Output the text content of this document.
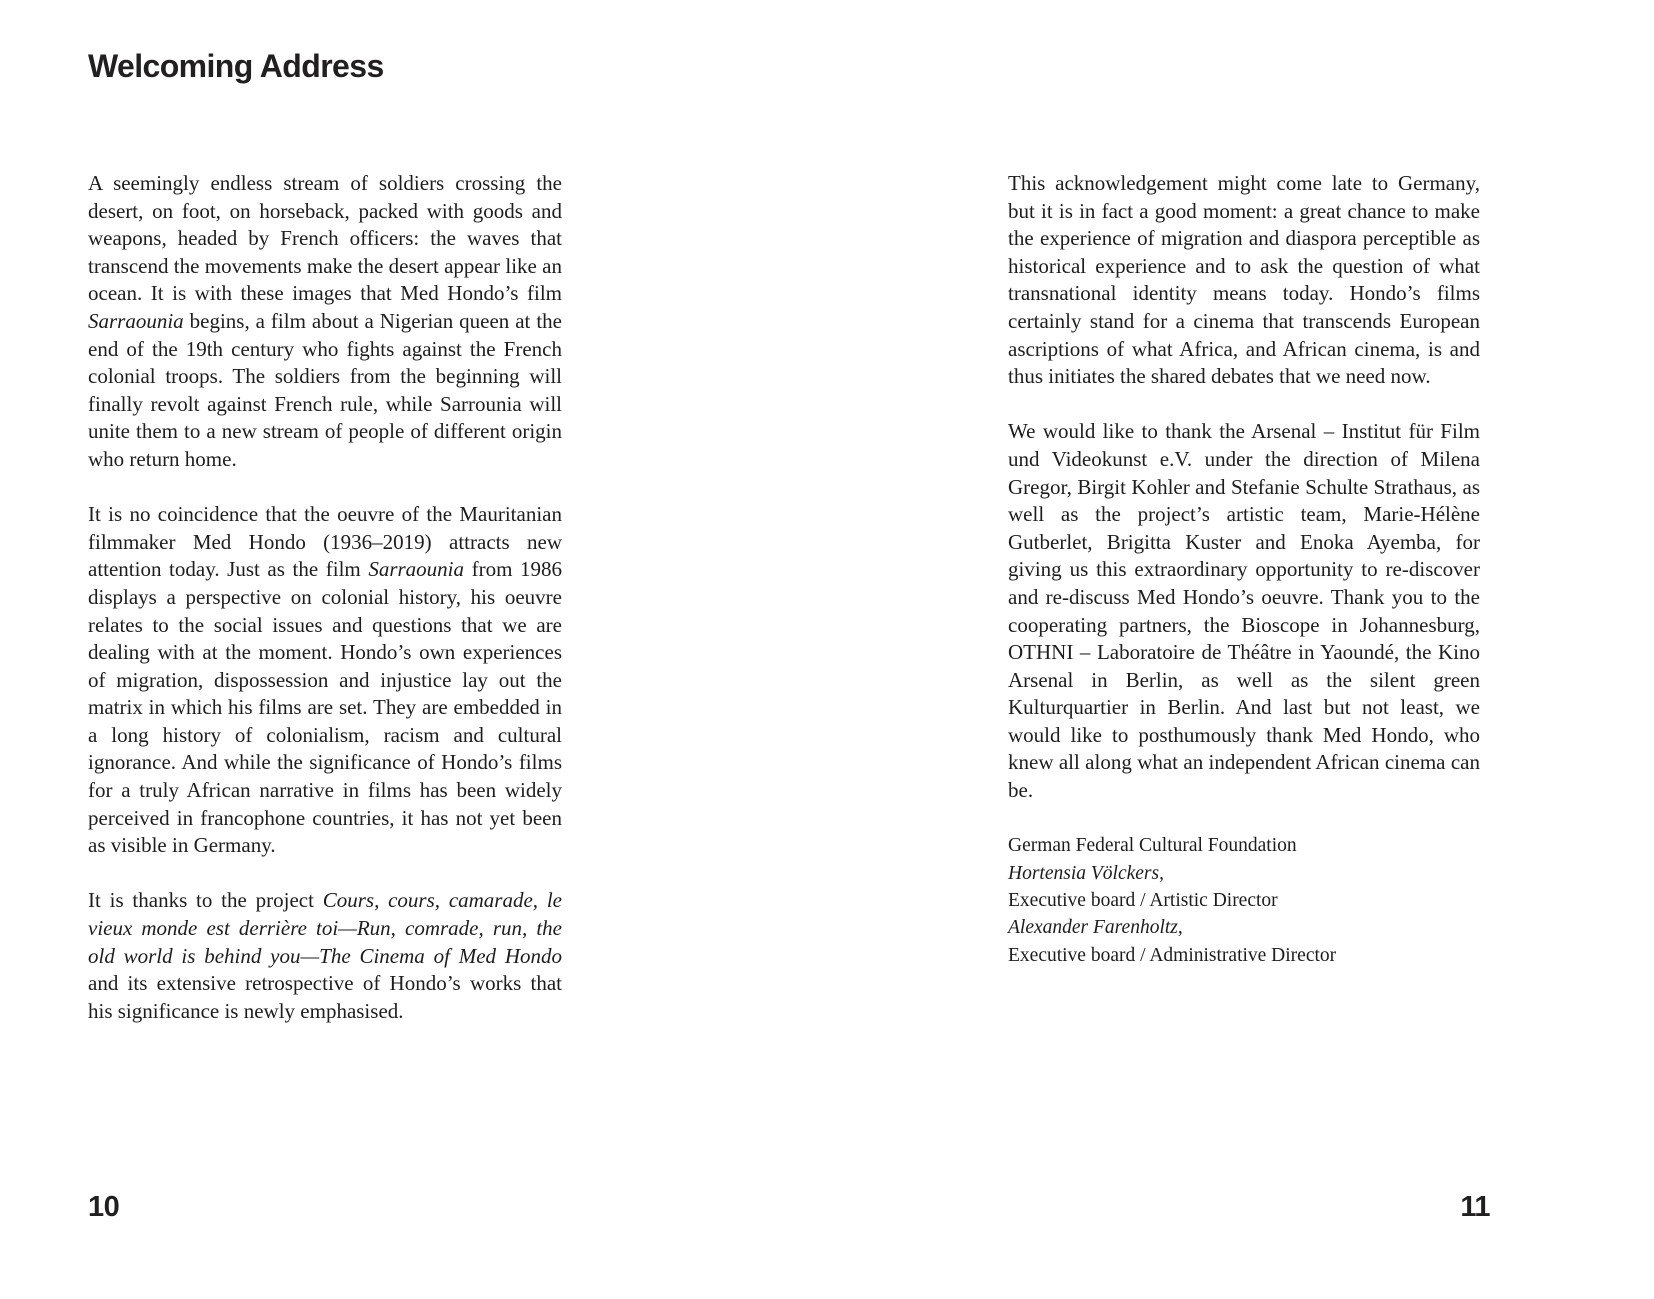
Welcoming Address

A seemingly endless stream of soldiers crossing the desert, on foot, on horseback, packed with goods and weapons, headed by French officers: the waves that transcend the movements make the desert appear like an ocean. It is with these images that Med Hondo’s film Sarraounia begins, a film about a Nigerian queen at the end of the 19th century who fights against the French colonial troops. The soldiers from the beginning will finally revolt against French rule, while Sarrounia will unite them to a new stream of people of different origin who return home.

It is no coincidence that the oeuvre of the Mauritanian filmmaker Med Hondo (1936–2019) attracts new attention today. Just as the film Sarraounia from 1986 displays a perspective on colonial history, his oeuvre relates to the social issues and questions that we are dealing with at the moment. Hondo’s own experiences of migration, dispossession and injustice lay out the matrix in which his films are set. They are embedded in a long history of colonialism, racism and cultural ignorance. And while the significance of Hondo’s films for a truly African narrative in films has been widely perceived in francophone countries, it has not yet been as visible in Germany.

It is thanks to the project Cours, cours, camarade, le vieux monde est derrière toi—Run, comrade, run, the old world is behind you—The Cinema of Med Hondo and its extensive retrospective of Hondo’s works that his significance is newly emphasised.

This acknowledgement might come late to Germany, but it is in fact a good moment: a great chance to make the experience of migration and diaspora perceptible as historical experience and to ask the question of what transnational identity means today. Hondo’s films certainly stand for a cinema that transcends European ascriptions of what Africa, and African cinema, is and thus initiates the shared debates that we need now.

We would like to thank the Arsenal – Institut für Film und Videokunst e.V. under the direction of Milena Gregor, Birgit Kohler and Stefanie Schulte Strathaus, as well as the project’s artistic team, Marie-Hélène Gutberlet, Brigitta Kuster and Enoka Ayemba, for giving us this extraordinary opportunity to re-discover and re-discuss Med Hondo’s oeuvre. Thank you to the cooperating partners, the Bioscope in Johannesburg, OTHNI – Laboratoire de Théâtre in Yaoundé, the Kino Arsenal in Berlin, as well as the silent green Kulturquartier in Berlin. And last but not least, we would like to posthumously thank Med Hondo, who knew all along what an independent African cinema can be.

German Federal Cultural Foundation

Hortensia Völckers,

Executive board / Artistic Director

Alexander Farenholtz,

Executive board / Administrative Director

10	11
